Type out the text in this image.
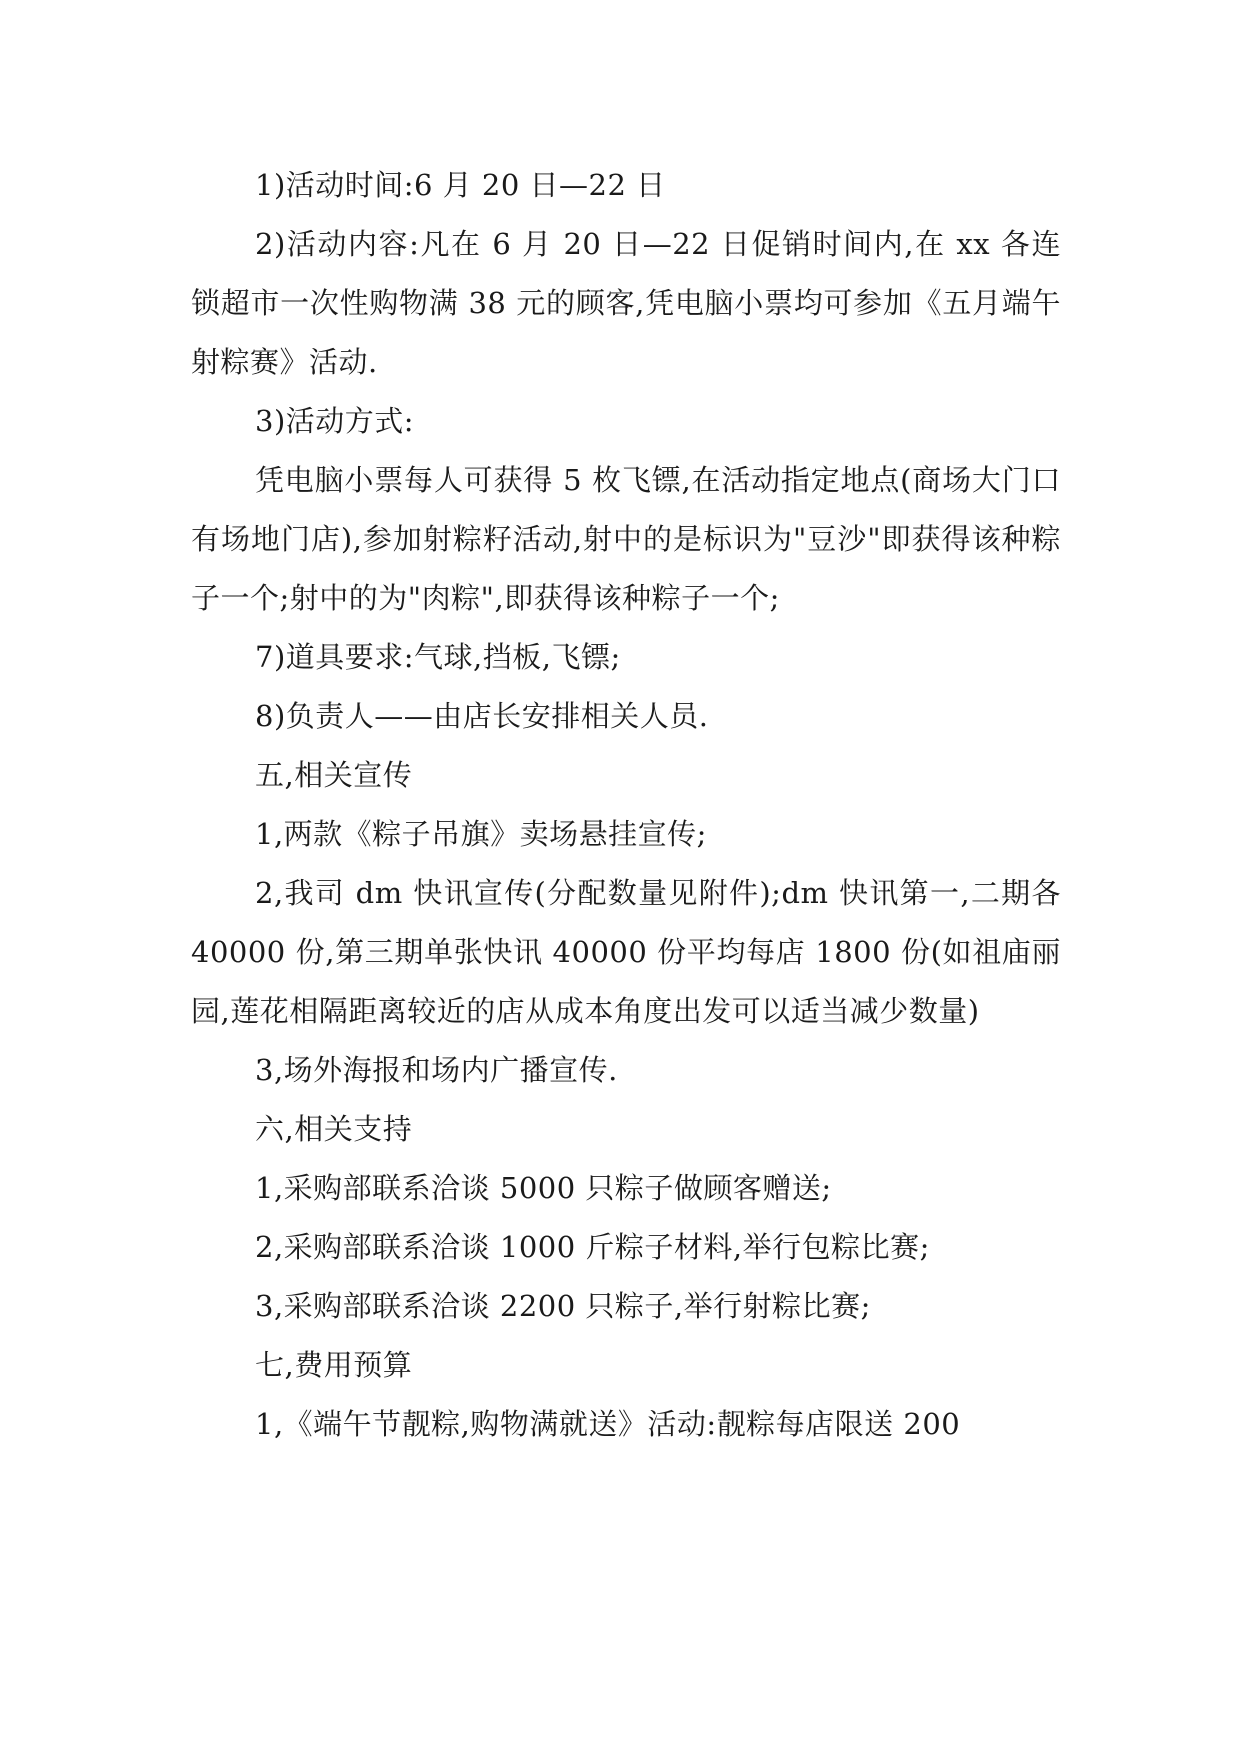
1)活动时间:6 月 20 日—22 日

2)活动内容:凡在 6 月 20 日—22 日促销时间内,在 xx 各连锁超市一次性购物满 38 元的顾客,凭电脑小票均可参加《五月端午射粽赛》活动.

3)活动方式:

凭电脑小票每人可获得 5 枚飞镖,在活动指定地点(商场大门口有场地门店),参加射粽籽活动,射中的是标识为"豆沙"即获得该种粽子一个;射中的为"肉粽",即获得该种粽子一个;

7)道具要求:气球,挡板,飞镖;

8)负责人——由店长安排相关人员.

五,相关宣传

1,两款《粽子吊旗》卖场悬挂宣传;

2,我司 dm 快讯宣传(分配数量见附件);dm 快讯第一,二期各 40000 份,第三期单张快讯 40000 份平均每店 1800 份(如祖庙丽园,莲花相隔距离较近的店从成本角度出发可以适当减少数量)

3,场外海报和场内广播宣传.

六,相关支持

1,采购部联系洽谈 5000 只粽子做顾客赠送;

2,采购部联系洽谈 1000 斤粽子材料,举行包粽比赛;

3,采购部联系洽谈 2200 只粽子,举行射粽比赛;

七,费用预算

1,《端午节靓粽,购物满就送》活动:靓粽每店限送 200
